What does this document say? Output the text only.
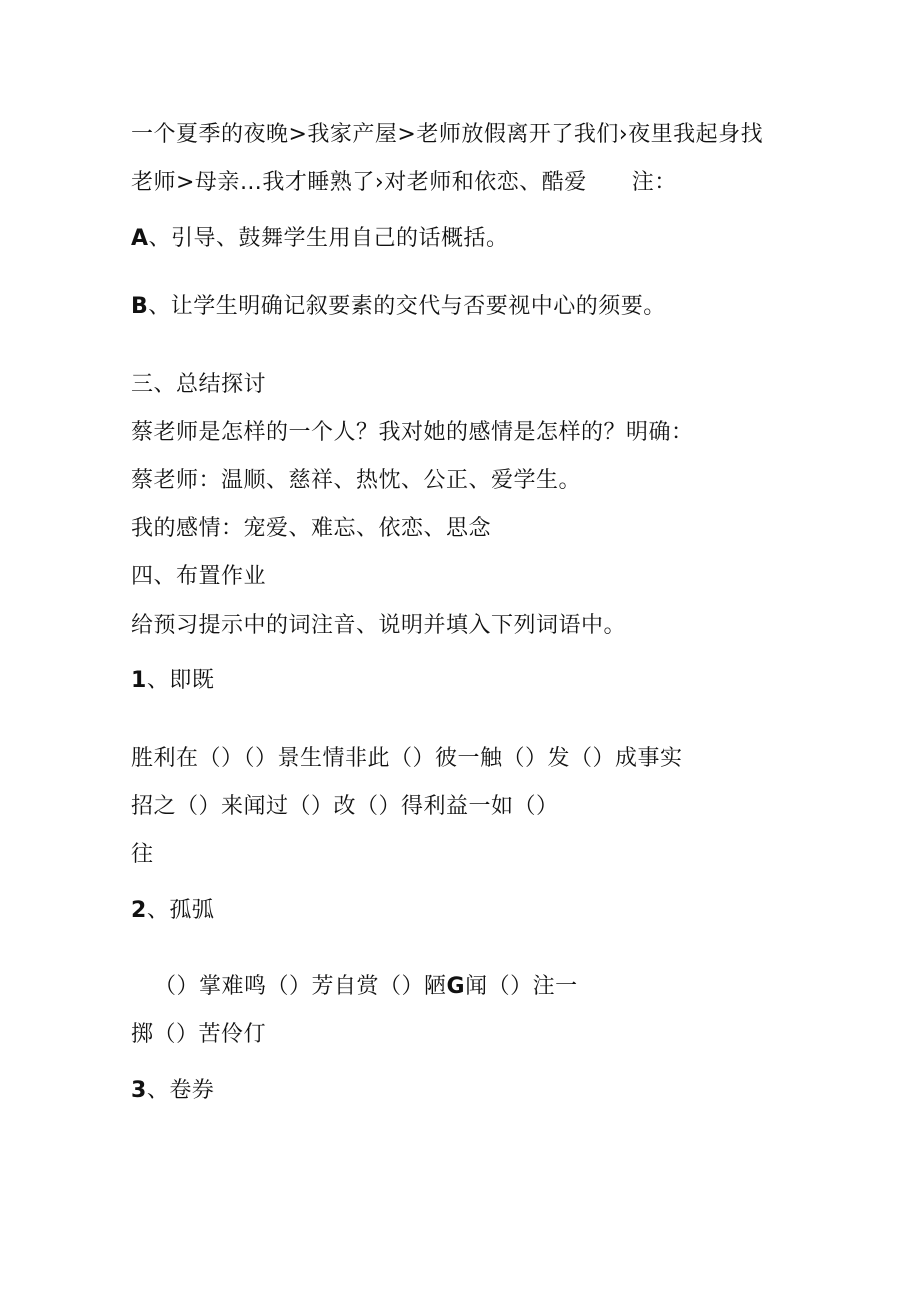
一个夏季的夜晚>我家产屋>老师放假离开了我们›夜里我起身找
老师>母亲…我才睡熟了›对老师和依恋、酷爱　　注：
A、引导、鼓舞学生用自己的话概括。
B、让学生明确记叙要素的交代与否要视中心的须要。
三、总结探讨
蔡老师是怎样的一个人？我对她的感情是怎样的？明确：
蔡老师：温顺、慈祥、热忱、公正、爱学生。
我的感情：宠爱、难忘、依恋、思念
四、布置作业
给预习提示中的词注音、说明并填入下列词语中。
1、即既
胜利在（）（）景生情非此（）彼一触（）发（）成事实
招之（）来闻过（）改（）得利益一如（）
往
2、孤弧
（）掌难鸣（）芳自赏（）陋G闻（）注一
掷（）苦伶仃
3、卷券
